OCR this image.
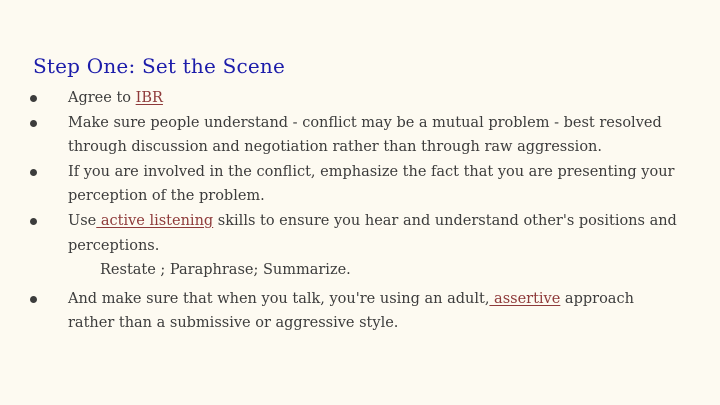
Step One: Set the Scene
Agree to IBR
Make sure people understand - conflict may be a mutual problem - best resolved through discussion and negotiation rather than through raw aggression.
If you are involved in the conflict, emphasize the fact that you are presenting your perception of the problem.
Use active listening skills to ensure you hear and understand other's positions and perceptions.
Restate ; Paraphrase; Summarize.
And make sure that when you talk, you're using an adult, assertive approach rather than a submissive or aggressive style.
